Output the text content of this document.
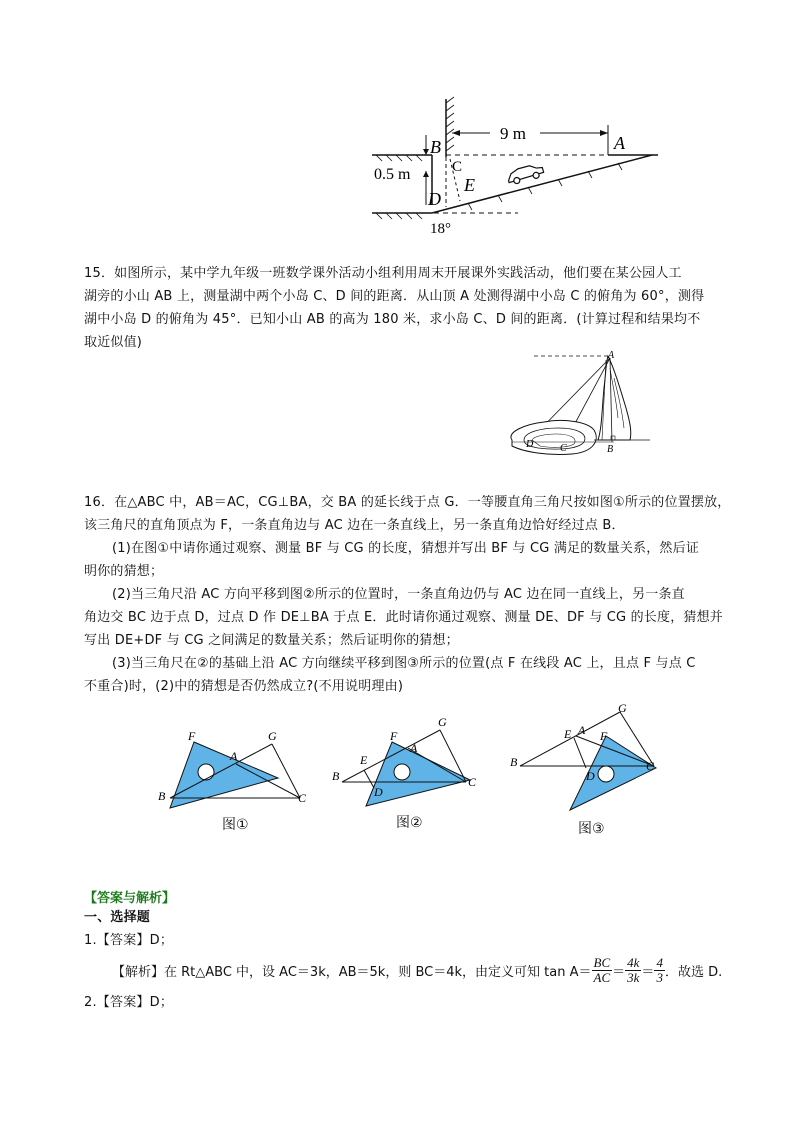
9 m	A
B
C
D
E
0.5 m
18°
15．如图所示，某中学九年级一班数学课外活动小组利用周末开展课外实践活动，他们要在某公园人工
湖旁的小山 AB 上，测量湖中两个小岛 C、D 间的距离．从山顶 A 处测得湖中小岛 C 的俯角为 60°，测得
湖中小岛 D 的俯角为 45°．已知小山 AB 的高为 180 米，求小岛 C、D 间的距离．(计算过程和结果均不
取近似值)
A
D	C	B
16．在△ABC 中，AB＝AC，CG⊥BA，交 BA 的延长线于点 G．一等腰直角三角尺按如图①所示的位置摆放，
该三角尺的直角顶点为 F，一条直角边与 AC 边在一条直线上，另一条直角边恰好经过点 B．
(1)在图①中请你通过观察、测量 BF 与 CG 的长度，猜想并写出 BF 与 CG 满足的数量关系，然后证
明你的猜想；
(2)当三角尺沿 AC 方向平移到图②所示的位置时，一条直角边仍与 AC 边在同一直线上，另一条直
角边交 BC 边于点 D，过点 D 作 DE⊥BA 于点 E．此时请你通过观察、测量 DE、DF 与 CG 的长度，猜想并
写出 DE+DF 与 CG 之间满足的数量关系；然后证明你的猜想；
(3)当三角尺在②的基础上沿 AC 方向继续平移到图③所示的位置(点 F 在线段 AC 上，且点 F 与点 C
不重合)时，(2)中的猜想是否仍然成立?(不用说明理由)
F
A
G
B	C
图①
F
E
A
G
B
D
C
图②
E A
G
F
B
D
C
图③
【答案与解析】
一、选择题
1.【答案】D；
【解析】在 Rt△ABC 中，设 AC＝3k，AB＝5k，则 BC＝4k，由定义可知 $\tan A= \frac{BC}{AC} = \frac{4k}{3k} = \frac{4}{3}$ ．故选 D.
2.【答案】D；
